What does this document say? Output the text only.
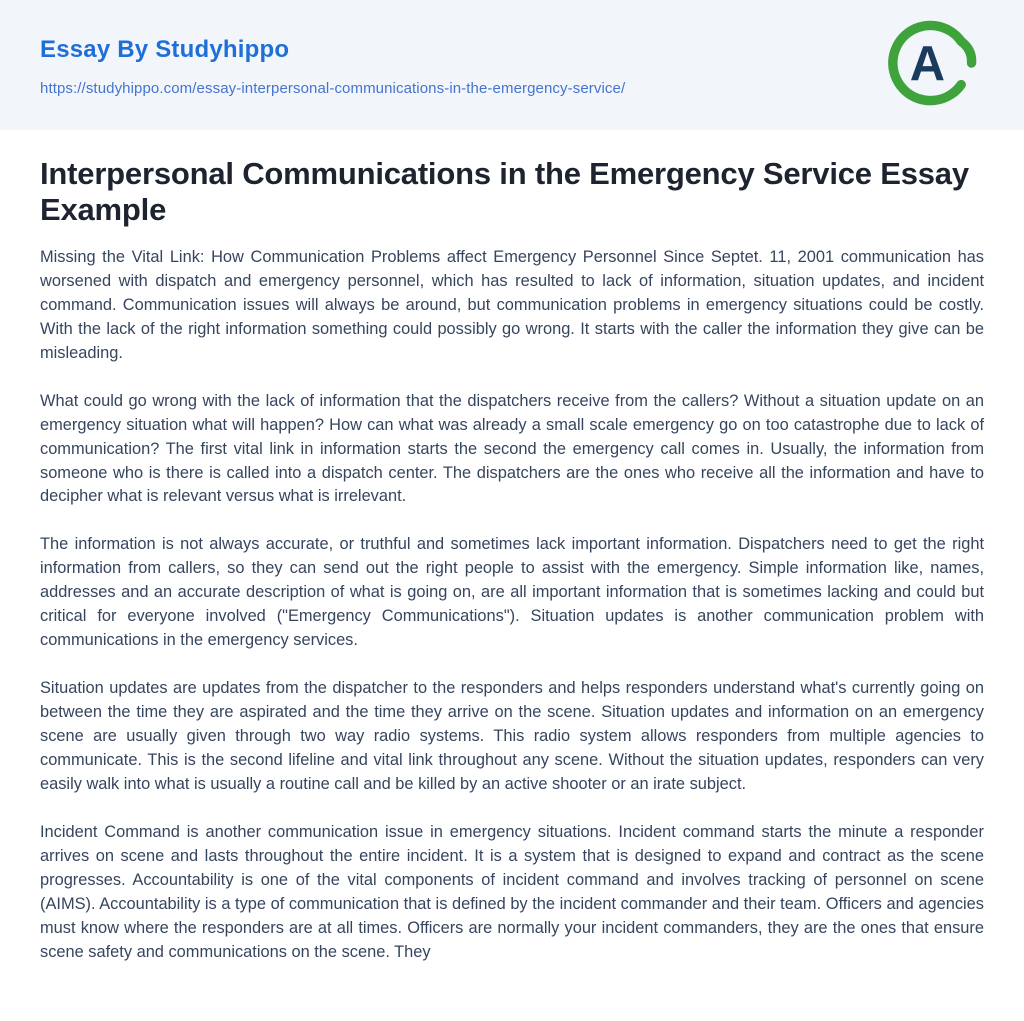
Essay By Studyhippo
https://studyhippo.com/essay-interpersonal-communications-in-the-emergency-service/	A
Interpersonal Communications in the Emergency Service Essay Example

Missing the Vital Link: How Communication Problems affect Emergency Personnel Since Septet. 11, 2001 communication has worsened with dispatch and emergency personnel, which has resulted to lack of information, situation updates, and incident command. Communication issues will always be around, but communication problems in emergency situations could be costly. With the lack of the right information something could possibly go wrong. It starts with the caller the information they give can be misleading.

What could go wrong with the lack of information that the dispatchers receive from the callers? Without a situation update on an emergency situation what will happen? How can what was already a small scale emergency go on too catastrophe due to lack of communication? The first vital link in information starts the second the emergency call comes in. Usually, the information from someone who is there is called into a dispatch center. The dispatchers are the ones who receive all the information and have to decipher what is relevant versus what is irrelevant.

The information is not always accurate, or truthful and sometimes lack important information. Dispatchers need to get the right information from callers, so they can send out the right people to assist with the emergency. Simple information like, names, addresses and an accurate description of what is going on, are all important information that is sometimes lacking and could but critical for everyone involved ("Emergency Communications"). Situation updates is another communication problem with communications in the emergency services.

Situation updates are updates from the dispatcher to the responders and helps responders understand what's currently going on between the time they are aspirated and the time they arrive on the scene. Situation updates and information on an emergency scene are usually given through two way radio systems. This radio system allows responders from multiple agencies to communicate. This is the second lifeline and vital link throughout any scene. Without the situation updates, responders can very easily walk into what is usually a routine call and be killed by an active shooter or an irate subject.

Incident Command is another communication issue in emergency situations. Incident command starts the minute a responder arrives on scene and lasts throughout the entire incident. It is a system that is designed to expand and contract as the scene progresses. Accountability is one of the vital components of incident command and involves tracking of personnel on scene (AIMS). Accountability is a type of communication that is defined by the incident commander and their team. Officers and agencies must know where the responders are at all times. Officers are normally your incident commanders, they are the ones that ensure scene safety and communications on the scene. They
